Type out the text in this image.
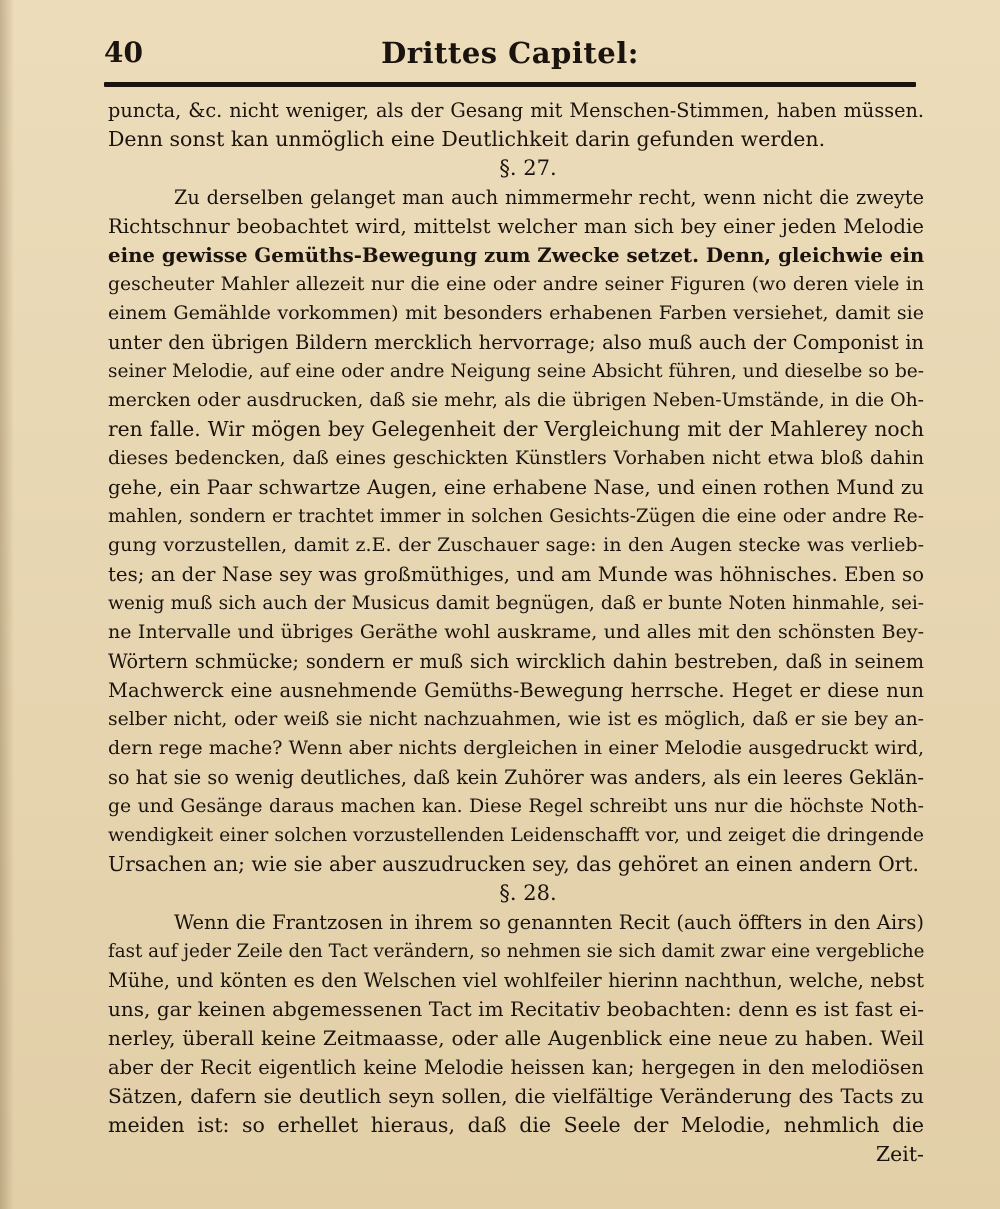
40	Drittes Capitel:
puncta, &c. nicht weniger, als der Gesang mit Menschen-Stimmen, haben müssen.
Denn sonst kan unmöglich eine Deutlichkeit darin gefunden werden.
§. 27.
Zu derselben gelanget man auch nimmermehr recht, wenn nicht die zweyte
Richtschnur beobachtet wird, mittelst welcher man sich bey einer jeden Melodie
eine gewisse Gemüths-Bewegung zum Zwecke setzet. Denn, gleichwie ein
gescheuter Mahler allezeit nur die eine oder andre seiner Figuren (wo deren viele in
einem Gemählde vorkommen) mit besonders erhabenen Farben versiehet, damit sie
unter den übrigen Bildern mercklich hervorrage; also muß auch der Componist in
seiner Melodie, auf eine oder andre Neigung seine Absicht führen, und dieselbe so be-
mercken oder ausdrucken, daß sie mehr, als die übrigen Neben-Umstände, in die Oh-
ren falle. Wir mögen bey Gelegenheit der Vergleichung mit der Mahlerey noch
dieses bedencken, daß eines geschickten Künstlers Vorhaben nicht etwa bloß dahin
gehe, ein Paar schwartze Augen, eine erhabene Nase, und einen rothen Mund zu
mahlen, sondern er trachtet immer in solchen Gesichts-Zügen die eine oder andre Re-
gung vorzustellen, damit z.E. der Zuschauer sage: in den Augen stecke was verlieb-
tes; an der Nase sey was großmüthiges, und am Munde was höhnisches. Eben so
wenig muß sich auch der Musicus damit begnügen, daß er bunte Noten hinmahle, sei-
ne Intervalle und übriges Geräthe wohl auskrame, und alles mit den schönsten Bey-
Wörtern schmücke; sondern er muß sich wircklich dahin bestreben, daß in seinem
Machwerck eine ausnehmende Gemüths-Bewegung herrsche. Heget er diese nun
selber nicht, oder weiß sie nicht nachzuahmen, wie ist es möglich, daß er sie bey an-
dern rege mache? Wenn aber nichts dergleichen in einer Melodie ausgedruckt wird,
so hat sie so wenig deutliches, daß kein Zuhörer was anders, als ein leeres Geklän-
ge und Gesänge daraus machen kan. Diese Regel schreibt uns nur die höchste Noth-
wendigkeit einer solchen vorzustellenden Leidenschafft vor, und zeiget die dringende
Ursachen an; wie sie aber auszudrucken sey, das gehöret an einen andern Ort.
§. 28.
Wenn die Frantzosen in ihrem so genannten Recit (auch öffters in den Airs)
fast auf jeder Zeile den Tact verändern, so nehmen sie sich damit zwar eine vergebliche
Mühe, und könten es den Welschen viel wohlfeiler hierinn nachthun, welche, nebst
uns, gar keinen abgemessenen Tact im Recitativ beobachten: denn es ist fast ei-
nerley, überall keine Zeitmaasse, oder alle Augenblick eine neue zu haben. Weil
aber der Recit eigentlich keine Melodie heissen kan; hergegen in den melodiösen
Sätzen, dafern sie deutlich seyn sollen, die vielfältige Veränderung des Tacts zu
meiden ist: so erhellet hieraus, daß die Seele der Melodie, nehmlich die
Zeit-
